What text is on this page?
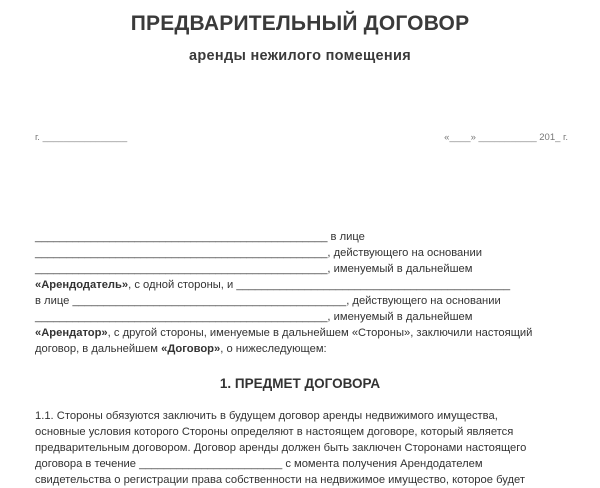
ПРЕДВАРИТЕЛЬНЫЙ ДОГОВОР
аренды нежилого помещения
г. ________________	«____» ___________ 201_ г.
_______________________________________________ в лице
_______________________________________________, действующего на основании
_______________________________________________, именуемый в дальнейшем
«Арендодатель», с одной стороны, и ____________________________________________
в лице ____________________________________________, действующего на основании
_______________________________________________, именуемый в дальнейшем
«Арендатор», с другой стороны, именуемые в дальнейшем «Стороны», заключили настоящий
договор, в дальнейшем «Договор», о нижеследующем:
1. ПРЕДМЕТ ДОГОВОРА
1.1. Стороны обязуются заключить в будущем договор аренды недвижимого имущества,
основные условия которого Стороны определяют в настоящем договоре, который является
предварительным договором. Договор аренды должен быть заключен Сторонами настоящего
договора в течение _______________________ с момента получения Арендодателем
свидетельства о регистрации права собственности на недвижимое имущество, которое будет
